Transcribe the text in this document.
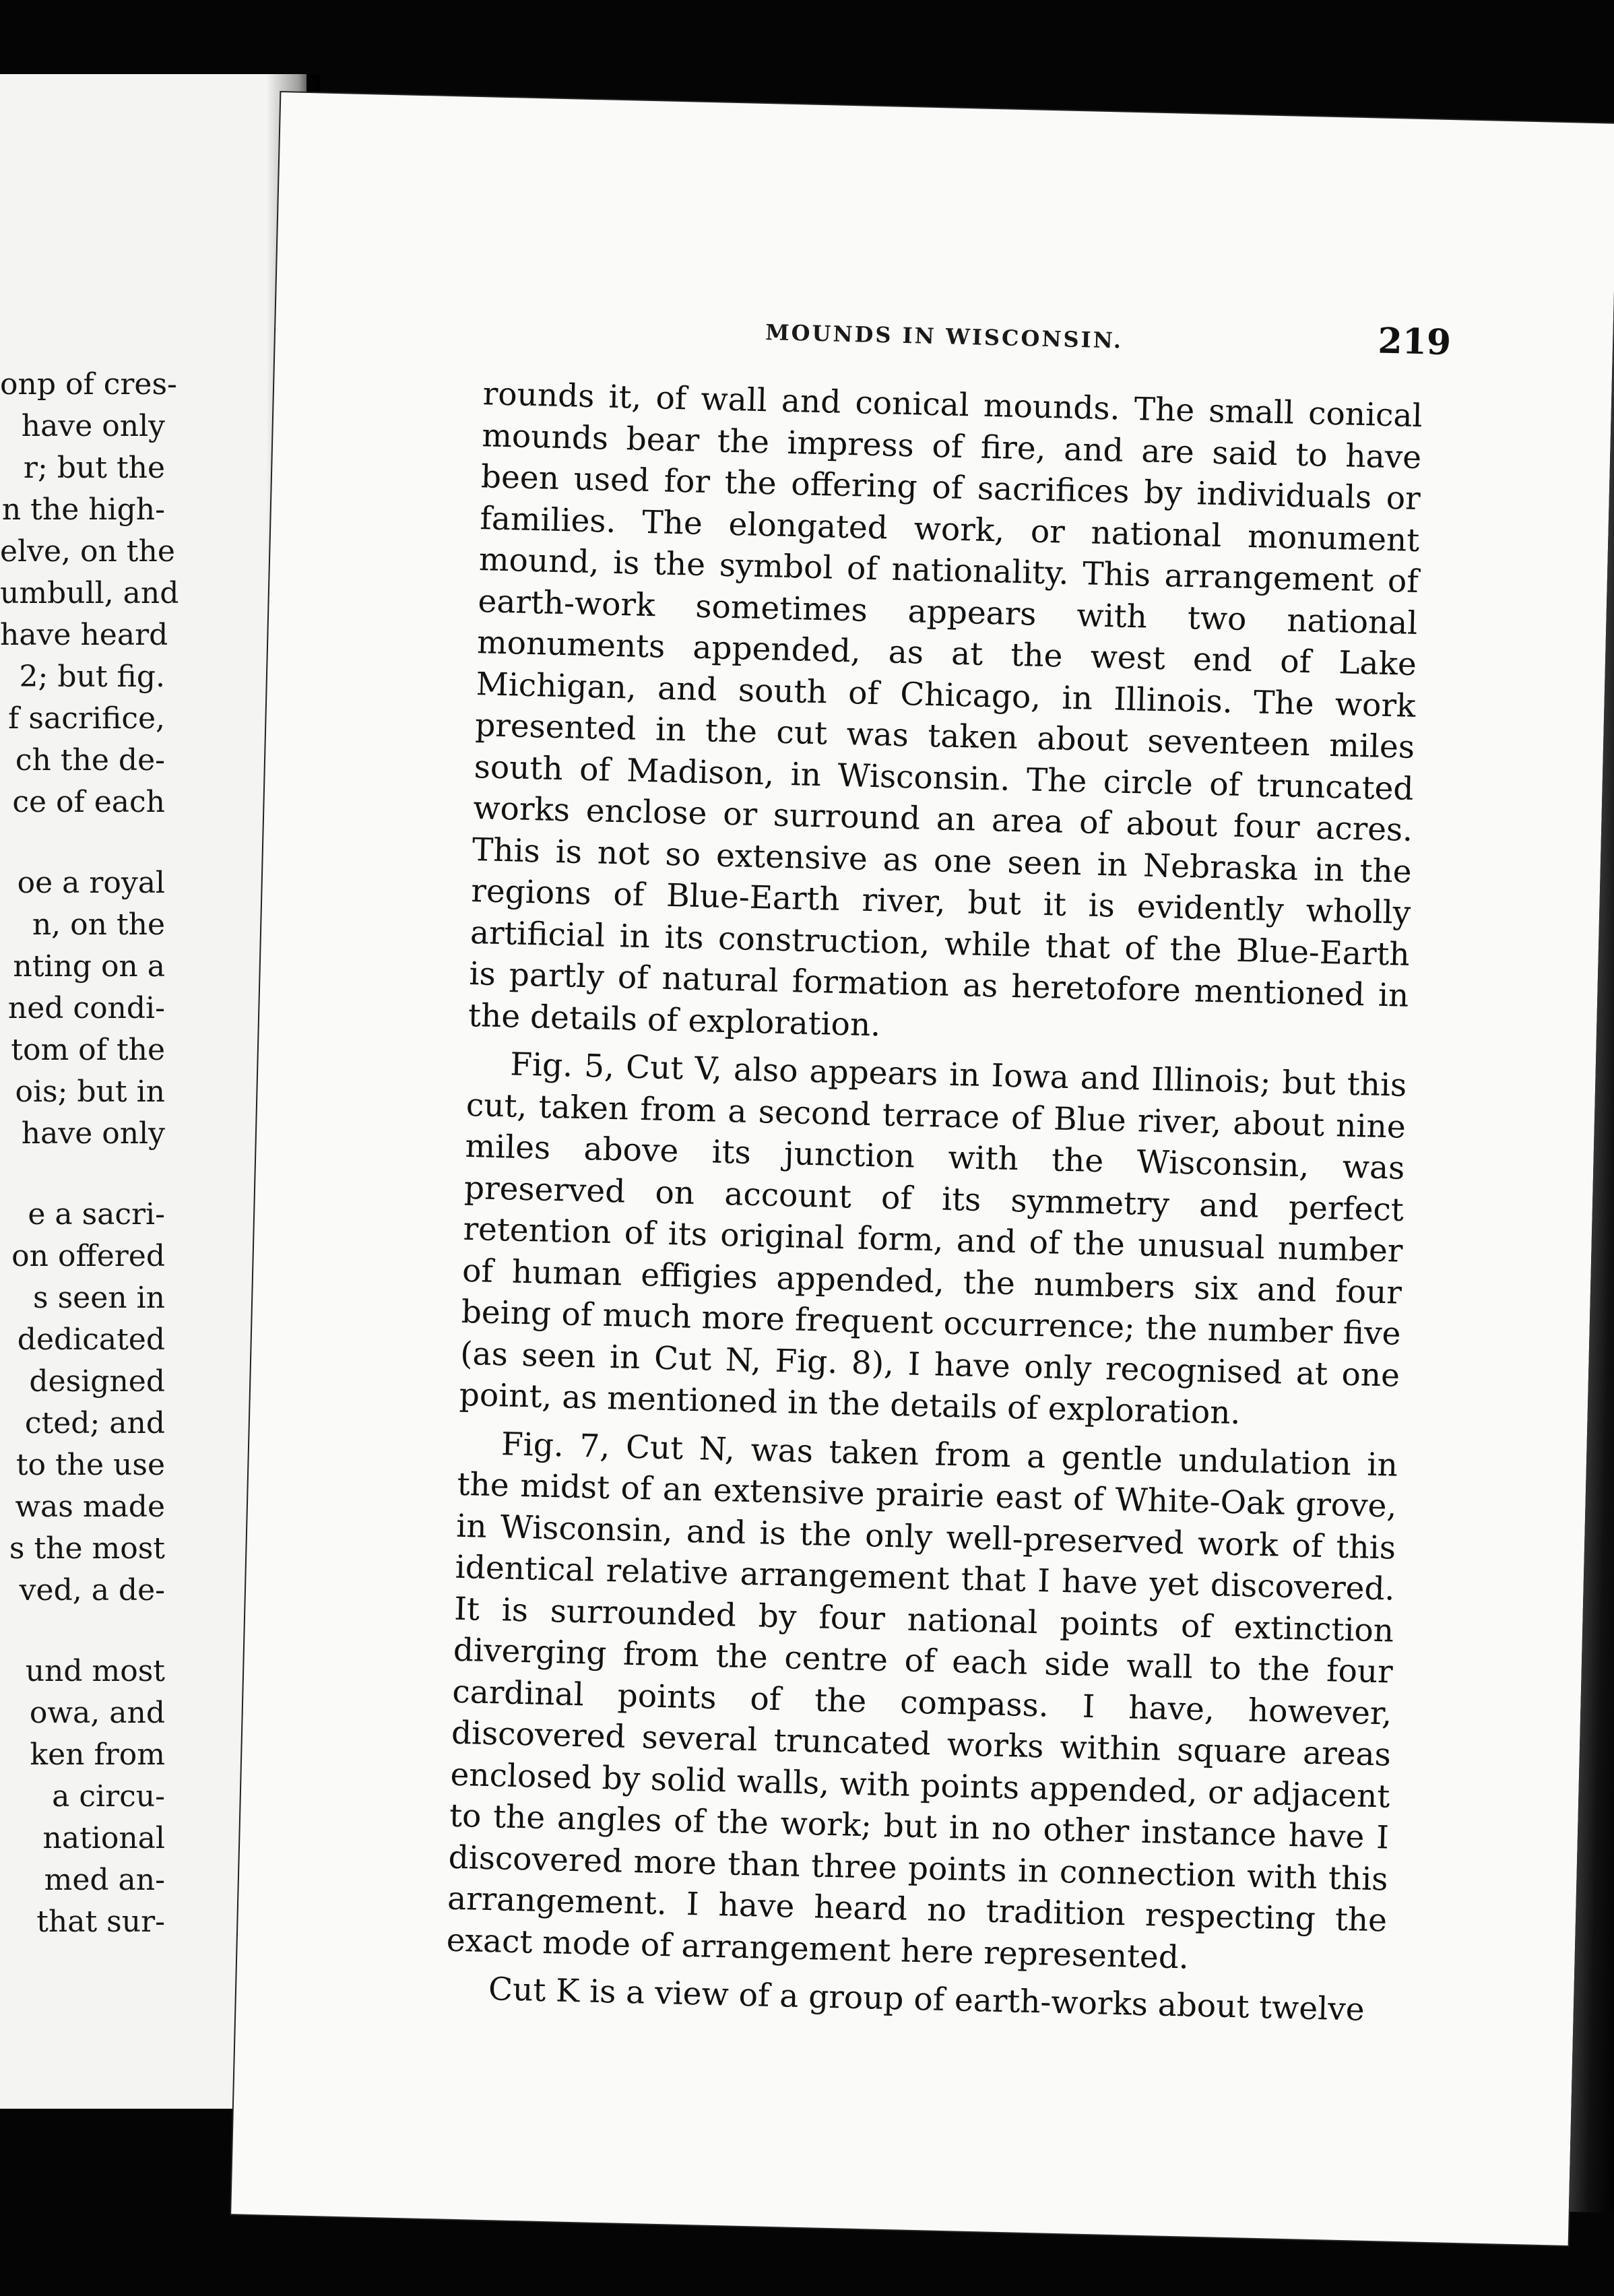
onp of cres-
have only
r; but the
n the high-
elve, on the
umbull, and
have heard
2; but fig.
f sacrifice,
ch the de-
ce of each
oe a royal
n, on the
nting on a
ned condi-
tom of the
ois; but in
have only
e a sacri-
on offered
s seen in
dedicated
designed
cted; and
to the use
was made
s the most
ved, a de-
und most
owa, and
ken from
a circu-
national
med an-
that sur-
MOUNDS IN WISCONSIN.	219

rounds it, of wall and conical mounds. The small conical mounds bear the impress of fire, and are said to have been used for the offering of sacrifices by individuals or families. The elongated work, or national monument mound, is the symbol of nationality. This arrangement of earth-work sometimes appears with two national monuments appended, as at the west end of Lake Michigan, and south of Chicago, in Illinois. The work presented in the cut was taken about seventeen miles south of Madison, in Wisconsin. The circle of truncated works enclose or surround an area of about four acres. This is not so extensive as one seen in Nebraska in the regions of Blue-Earth river, but it is evidently wholly artificial in its construction, while that of the Blue-Earth is partly of natural formation as heretofore mentioned in the details of exploration.

Fig. 5, Cut V, also appears in Iowa and Illinois; but this cut, taken from a second terrace of Blue river, about nine miles above its junction with the Wisconsin, was preserved on account of its symmetry and perfect retention of its original form, and of the unusual number of human effigies appended, the numbers six and four being of much more frequent occurrence; the number five (as seen in Cut N, Fig. 8), I have only recognised at one point, as mentioned in the details of exploration.

Fig. 7, Cut N, was taken from a gentle undulation in the midst of an extensive prairie east of White-Oak grove, in Wisconsin, and is the only well-preserved work of this identical relative arrangement that I have yet discovered. It is surrounded by four national points of extinction diverging from the centre of each side wall to the four cardinal points of the compass. I have, however, discovered several truncated works within square areas enclosed by solid walls, with points appended, or adjacent to the angles of the work; but in no other instance have I discovered more than three points in connection with this arrangement. I have heard no tradition respecting the exact mode of arrangement here represented.

Cut K is a view of a group of earth-works about twelve
